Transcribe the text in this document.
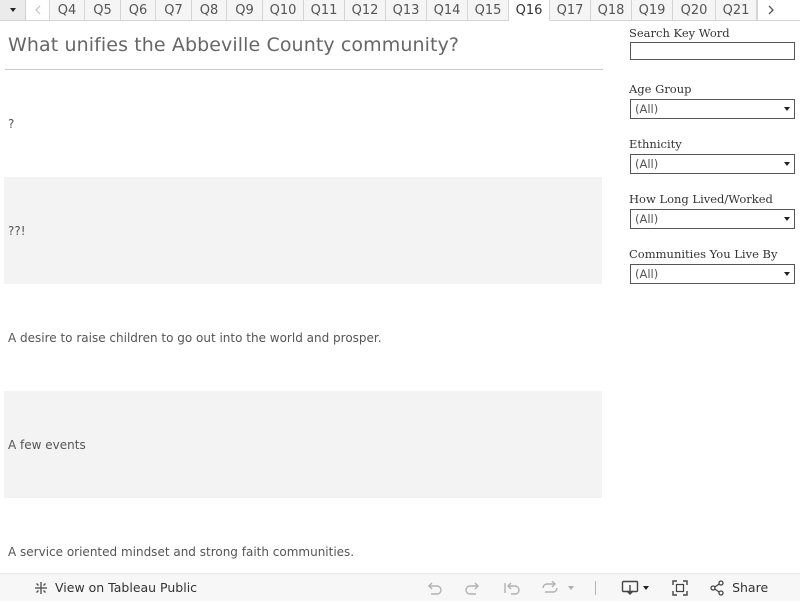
Q4	Q5	Q6	Q7	Q8	Q9	Q10	Q11	Q12	Q13	Q14	Q15	Q16	Q17	Q18	Q19	Q20	Q21
What unifies the Abbeville County community?
?
??!
A desire to raise children to go out into the world and prosper.
A few events
A service oriented mindset and strong faith communities.
Search Key Word
Age Group
(All)
Ethnicity
(All)
How Long Lived/Worked
(All)
Communities You Live By
(All)
View on Tableau Public	Share
